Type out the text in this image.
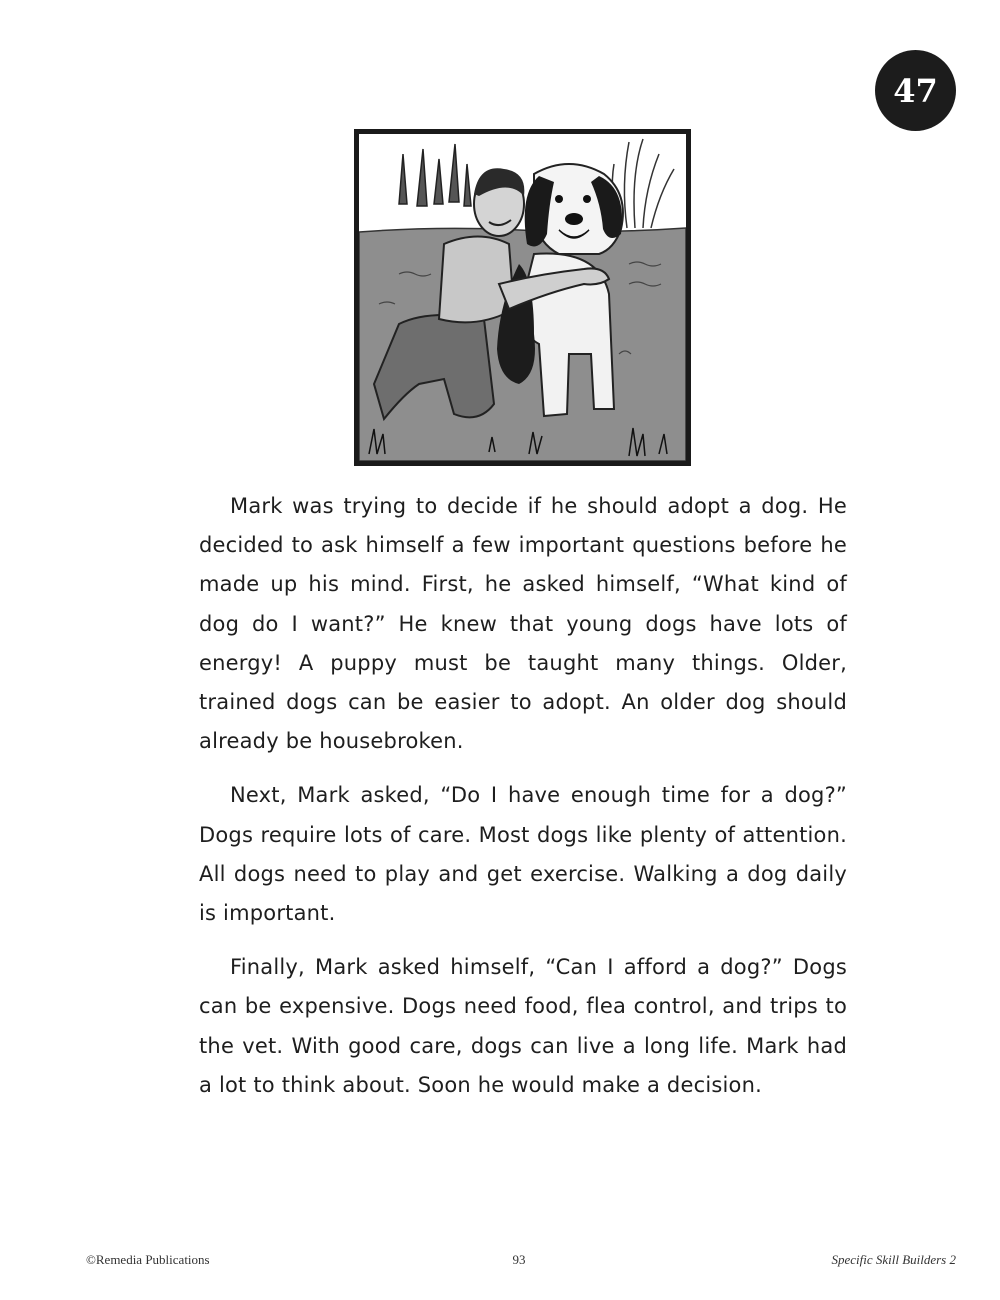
47

Mark was trying to decide if he should adopt a dog. He decided to ask himself a few important questions before he made up his mind. First, he asked himself, “What kind of dog do I want?” He knew that young dogs have lots of energy! A puppy must be taught many things. Older, trained dogs can be easier to adopt. An older dog should already be housebroken.

Next, Mark asked, “Do I have enough time for a dog?” Dogs require lots of care. Most dogs like plenty of attention. All dogs need to play and get exercise. Walking a dog daily is important.

Finally, Mark asked himself, “Can I afford a dog?” Dogs can be expensive. Dogs need food, flea control, and trips to the vet. With good care, dogs can live a long life. Mark had a lot to think about. Soon he would make a decision.

©Remedia Publications	93	Specific Skill Builders 2
